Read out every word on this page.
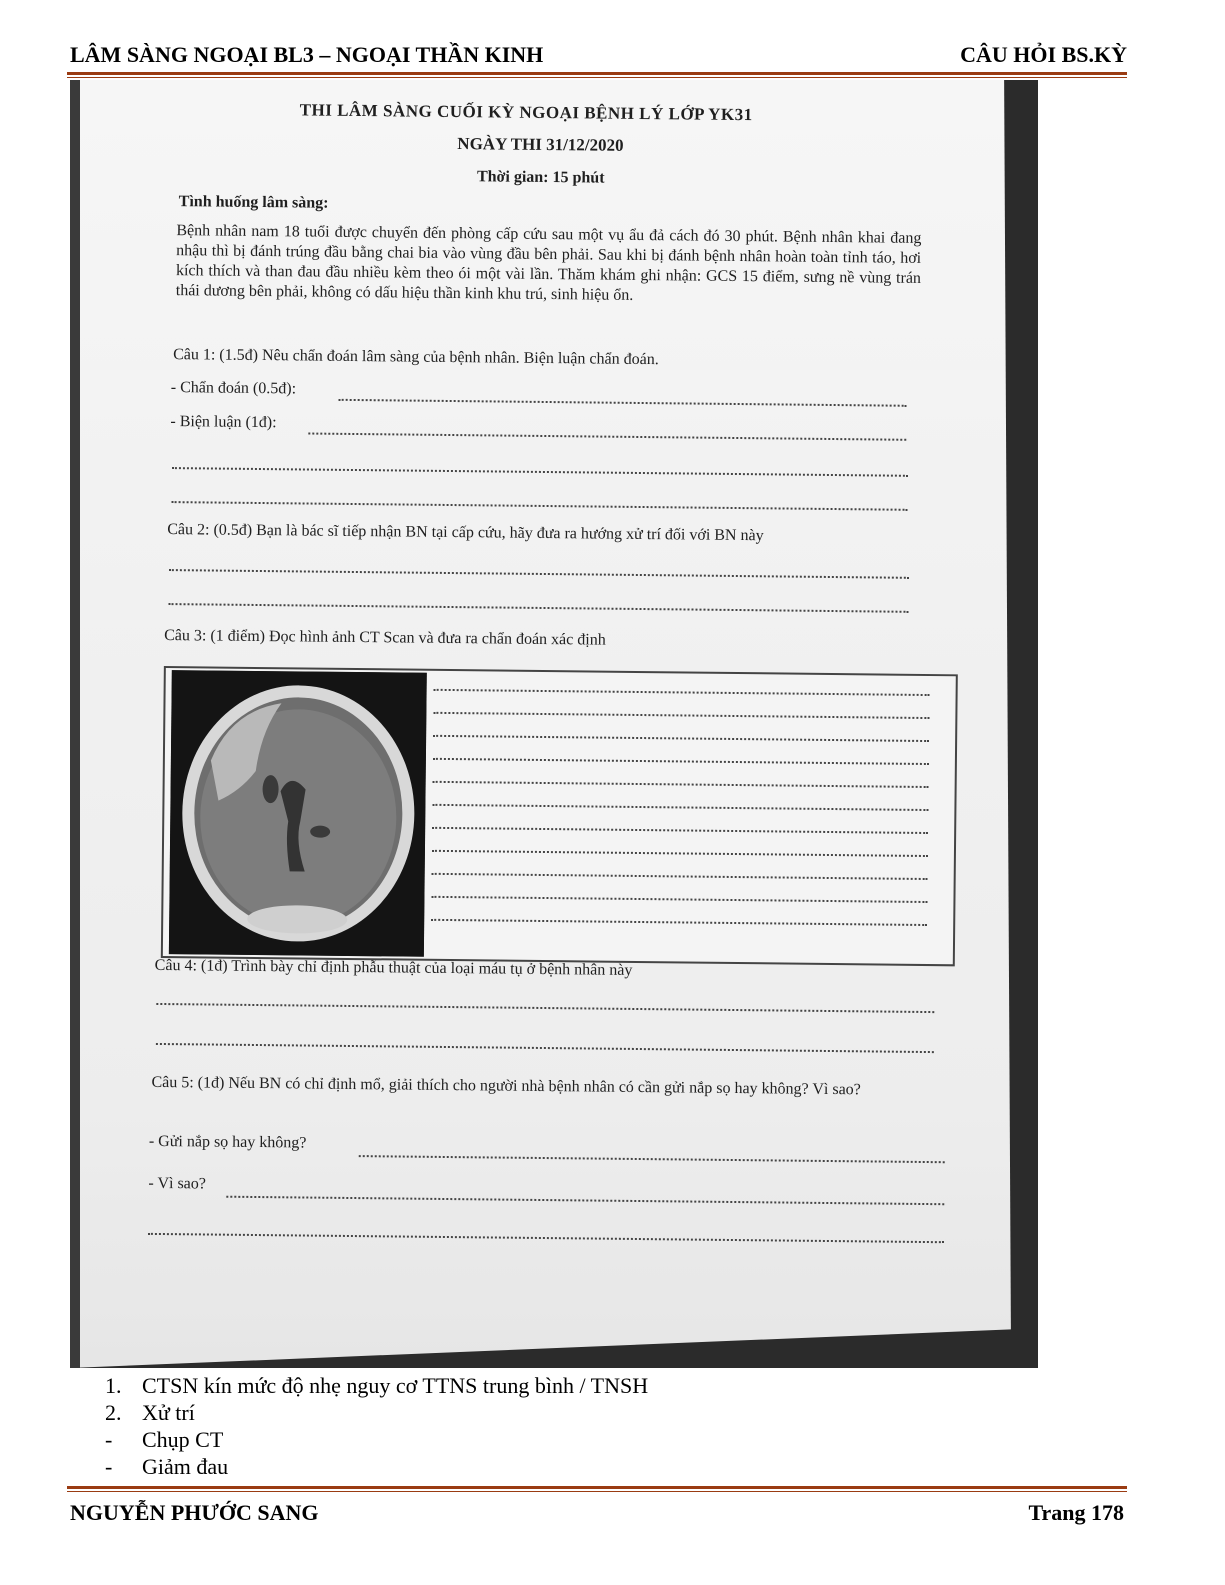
LÂM SÀNG NGOẠI BL3 – NGOẠI THẦN KINH	CÂU HỎI BS.KỲ
THI LÂM SÀNG CUỐI KỲ NGOẠI BỆNH LÝ LỚP YK31
NGÀY THI 31/12/2020
Thời gian: 15 phút
Tình huống lâm sàng:
Bệnh nhân nam 18 tuổi được chuyển đến phòng cấp cứu sau một vụ ẩu đả cách đó 30 phút. Bệnh nhân khai đang nhậu thì bị đánh trúng đầu bằng chai bia vào vùng đầu bên phải. Sau khi bị đánh bệnh nhân hoàn toàn tỉnh táo, hơi kích thích và than đau đầu nhiều kèm theo ói một vài lần. Thăm khám ghi nhận: GCS 15 điểm, sưng nề vùng trán thái dương bên phải, không có dấu hiệu thần kinh khu trú, sinh hiệu ổn.
Câu 1: (1.5đ) Nêu chẩn đoán lâm sàng của bệnh nhân. Biện luận chẩn đoán.
- Chẩn đoán (0.5đ):
- Biện luận (1đ):
Câu 2: (0.5đ) Bạn là bác sĩ tiếp nhận BN tại cấp cứu, hãy đưa ra hướng xử trí đối với BN này
Câu 3: (1 điểm) Đọc hình ảnh CT Scan và đưa ra chẩn đoán xác định
Câu 4: (1đ) Trình bày chỉ định phẫu thuật của loại máu tụ ở bệnh nhân này
Câu 5: (1đ) Nếu BN có chỉ định mổ, giải thích cho người nhà bệnh nhân có cần gửi nắp sọ hay không? Vì sao?
- Gửi nắp sọ hay không?
- Vì sao?
1. CTSN kín mức độ nhẹ nguy cơ TTNS trung bình / TNSH
2. Xử trí
-	Chụp CT
-	Giảm đau
NGUYỄN PHƯỚC SANG	Trang 178
